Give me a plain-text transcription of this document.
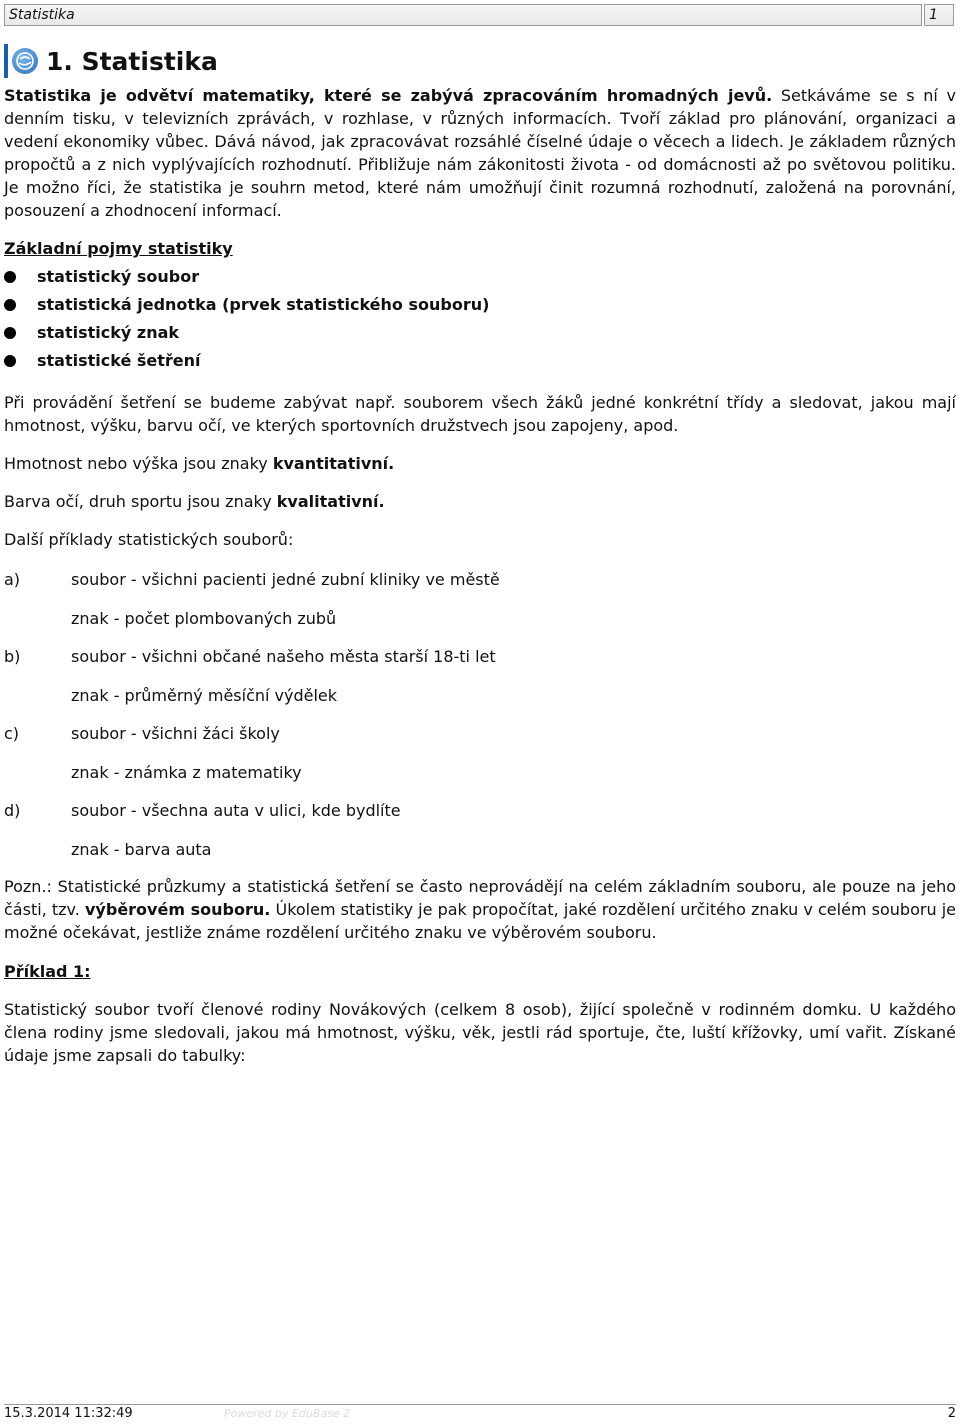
Statistika	1
1. Statistika

Statistika je odvětví matematiky, které se zabývá zpracováním hromadných jevů. Setkáváme se s ní v denním tisku, v televizních zprávách, v rozhlase, v různých informacích. Tvoří základ pro plánování, organizaci a vedení ekonomiky vůbec. Dává návod, jak zpracovávat rozsáhlé číselné údaje o věcech a lidech. Je základem různých propočtů a z nich vyplývajících rozhodnutí. Přibližuje nám zákonitosti života - od domácnosti až po světovou politiku. Je možno říci, že statistika je souhrn metod, které nám umožňují činit rozumná rozhodnutí, založená na porovnání, posouzení a zhodnocení informací.

Základní pojmy statistiky

statistický soubor
statistická jednotka (prvek statistického souboru)
statistický znak
statistické šetření

Při provádění šetření se budeme zabývat např. souborem všech žáků jedné konkrétní třídy a sledovat, jakou mají hmotnost, výšku, barvu očí, ve kterých sportovních družstvech jsou zapojeny, apod.

Hmotnost nebo výška jsou znaky kvantitativní.

Barva očí, druh sportu jsou znaky kvalitativní.

Další příklady statistických souborů:

a)	soubor - všichni pacienti jedné zubní kliniky ve městě
znak - počet plombovaných zubů
b)	soubor - všichni občané našeho města starší 18-ti let
znak - průměrný měsíční výdělek
c)	soubor - všichni žáci školy
znak - známka z matematiky
d)	soubor - všechna auta v ulici, kde bydlíte
znak - barva auta

Pozn.: Statistické průzkumy a statistická šetření se často neprovádějí na celém základním souboru, ale pouze na jeho části, tzv. výběrovém souboru. Úkolem statistiky je pak propočítat, jaké rozdělení určitého znaku v celém souboru je možné očekávat, jestliže známe rozdělení určitého znaku ve výběrovém souboru.

Příklad 1:

Statistický soubor tvoří členové rodiny Novákových (celkem 8 osob), žijící společně v rodinném domku. U každého člena rodiny jsme sledovali, jakou má hmotnost, výšku, věk, jestli rád sportuje, čte, luští křížovky, umí vařit. Získané údaje jsme zapsali do tabulky:

15.3.2014 11:32:49	Powered by EduBase 2	2
